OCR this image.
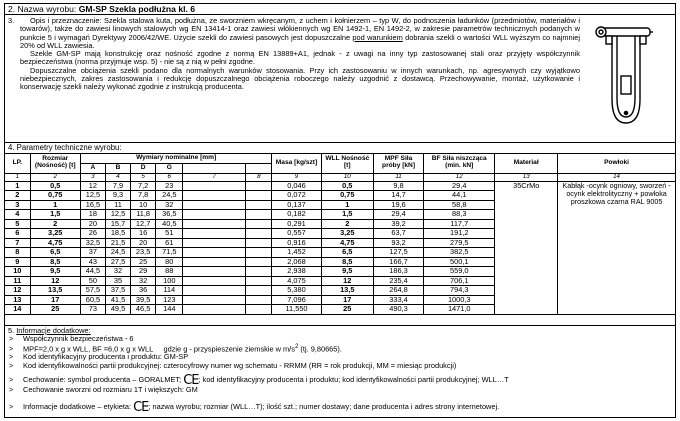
2. Nazwa wyrobu: GM-SP Szekla podłużna kl. 6
3.	Opis i przeznaczenie: Szekla stalowa kuta, podłużna, ze sworzniem wkręcanym, z uchem i kołnierzem – typ W, do podnoszenia ładunków (przedmiotów, materiałów i towarów), także do zawiesi linowych stalowych wg EN 13414-1 oraz zawiesi włókiennych wg EN 1492-1, EN 1492-2, w zakresie parametrów technicznych podanych w punkcie 5 i wymagań Dyrektywy 2006/42/WE. Użycie szekli do zawiesi pasowych jest dopuszczalne pod warunkiem dobrania szekli o wartości WLL wyższym co najmniej 20% od WLL zawiesia.

Szekle GM-SP mają konstrukcję oraz nośność zgodne z normą EN 13889+A1, jednak - z uwagi na inny typ zastosowanej stali oraz przyjęty współczynnik bezpieczeństwa (norma przyjmuje wsp. 5) - nie są z nią w pełni zgodne.

Dopuszczalne obciążenia szekli podano dla normalnych warunków stosowania. Przy ich zastosowaniu w innych warunkach, np. agresywnych czy wyjątkowo niebezpiecznych, zakres zastosowania i redukcję dopuszczalnego obciążenia roboczego należy uzgodnić z dostawcą. Przechowywanie, montaż, użytkowanie i konserwację szekli należy wykonać zgodnie z instrukcją producenta.

4. Parametry techniczne wyrobu:
LP.	Rozmiar (Nośność) [t]	Wymiary nominalne [mm]						Masa [kg/szt]	WLL Nośność [t]	MPF Siła próby [kN]	BF Siła niszcząca (min. kN]	Materiał	Powłoki
		A	B	D	G								
1	2	3	4	5	6	7	8	9	10	11	12	13	14
1	0,5	12	7,9	7,2	23			0,046	0,5	9,8	29,4	35CrMo	Kabłąk -ocynk ogniowy, sworzeń - ocynk elektrolityczny + powłoka proszkowa czarna RAL 9005
2	0,75	12,5	9,3	7,8	24,5			0,072	0,75	14,7	44,1		
3	1	16,5	11	10	32			0,137	1	19,6	58,8		
4	1,5	18	12,5	11,8	36,5			0,182	1,5	29,4	88,3		
5	2	20	15,7	12,7	40,5			0,291	2	39,2	117,7		
6	3,25	26	18,5	16	51			0,557	3,25	63,7	191,2		
7	4,75	32,5	21,5	20	61			0,916	4,75	93,2	279,5		
8	6,5	37	24,5	23,5	71,5			1,452	6,5	127,5	382,5		
9	8,5	43	27,5	25	80			2,068	8,5	166,7	500,1		
10	9,5	44,5	32	29	88			2,938	9,5	186,3	559,0		
11	12	50	35	32	100			4,075	12	235,4	706,1		
12	13,5	57,5	37,5	36	114			5,380	13,5	264,8	794,3		
13	17	60,5	41,5	39,5	123			7,096	17	333,4	1000,3		
14	25	73	49,5	46,5	144			11,550	25	490,3	1471,0		
5. Informacje dodatkowe:
> Współczynnik bezpieczeństwa - 6
> MPF=2,0 x g x WLL, BF =6,0 x g x WLL gdzie g - przyspieszenie ziemskie w $m/s^2$ (tj. 9,80665).
> Kod identyfikacyjny producenta i produktu: GM-SP
> Kod identyfikowalności partii produkcyjnej: czterocyfrowy numer wg schematu - RRMM (RR = rok produkcji, MM = miesiąc produkcji)
> Cechowanie: symbol producenta – GORALMET; CE; kod identyfikacyjny producenta i produktu; kod identyfikowalności partii produkcyjnej; WLL…T
> Cechowanie sworzni od rozmiaru 1T i większych: GM
> Informacje dodatkowe – etykieta: CE; nazwa wyrobu; rozmiar (WLL…T); ilość szt.; numer dostawy; dane producenta i adres strony internetowej.
